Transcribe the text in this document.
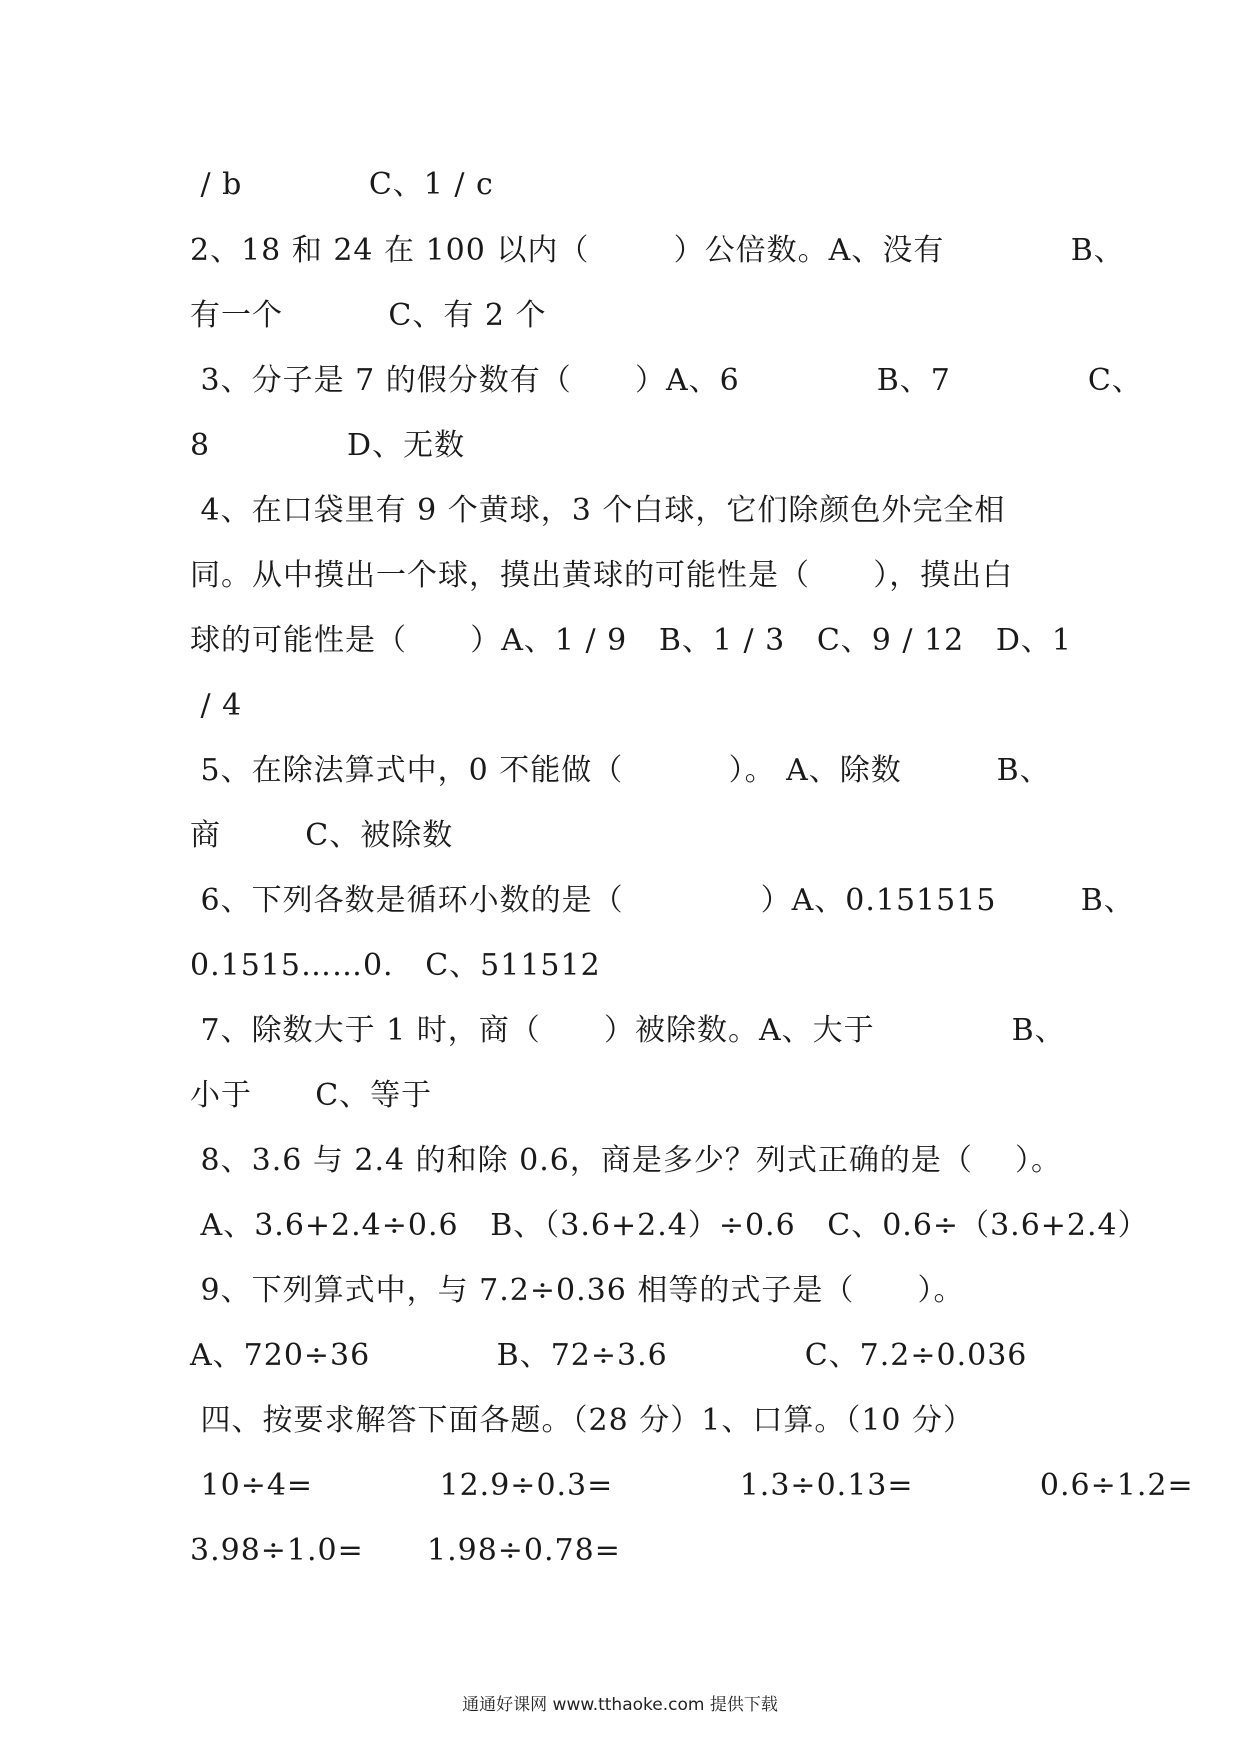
/ b            C、1 / c
2、18 和 24 在 100 以内（        ）公倍数。A、没有            B、
有一个          C、有 2 个
3、分子是 7 的假分数有（      ）A、6             B、7             C、
8             D、无数
4、在口袋里有 9 个黄球，3 个白球，它们除颜色外完全相
同。从中摸出一个球，摸出黄球的可能性是（      ），摸出白
球的可能性是（      ）A、1 / 9   B、1 / 3   C、9 / 12   D、1
/ 4
5、在除法算式中，0 不能做（          ）。 A、除数         B、
商        C、被除数
6、下列各数是循环小数的是（             ）A、0.151515        B、
0.1515……0.   C、511512
7、除数大于 1 时，商（      ）被除数。A、大于             B、
小于      C、等于
8、3.6 与 2.4 的和除 0.6，商是多少？列式正确的是（    ）。
A、3.6+2.4÷0.6   B、（3.6+2.4）÷0.6   C、0.6÷（3.6+2.4）
9、下列算式中，与 7.2÷0.36 相等的式子是（      ）。
A、720÷36            B、72÷3.6             C、7.2÷0.036
四、按要求解答下面各题。（28 分）1、口算。（10 分）
10÷4=            12.9÷0.3=            1.3÷0.13=            0.6÷1.2=
3.98÷1.0=      1.98÷0.78=
通通好课网 www.tthaoke.com 提供下载
